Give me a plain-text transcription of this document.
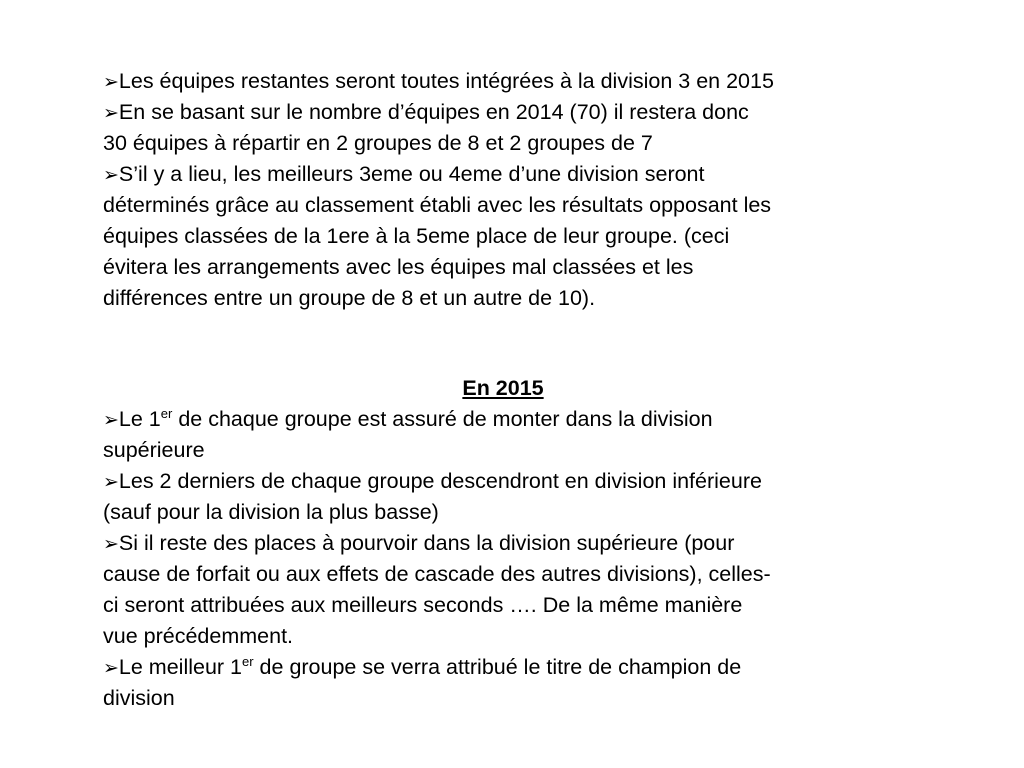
➢Les équipes restantes seront toutes intégrées à la division 3 en 2015

➢En se basant sur le nombre d’équipes en 2014 (70) il restera donc
30 équipes à répartir en 2 groupes de 8 et 2 groupes de 7

➢S’il y a lieu, les meilleurs 3eme ou 4eme d’une division seront
déterminés grâce au classement établi avec les résultats opposant les
équipes classées de la 1ere à la 5eme place de leur groupe. (ceci
évitera les arrangements avec les équipes mal classées et les
différences entre un groupe de 8 et un autre de 10).

En 2015

➢Le 1er de chaque groupe est assuré de monter dans la division
supérieure

➢Les 2 derniers de chaque groupe descendront en division inférieure
(sauf pour la division la plus basse)

➢Si il reste des places à pourvoir dans la division supérieure (pour
cause de forfait ou aux effets de cascade des autres divisions), celles-
ci seront attribuées aux meilleurs seconds …. De la même manière
vue précédemment.

➢Le meilleur 1er de groupe se verra attribué le titre de champion de
division
